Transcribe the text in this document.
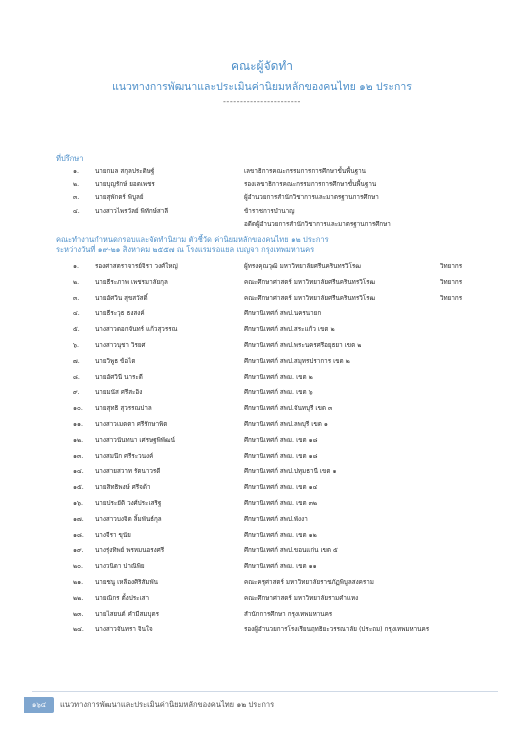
คณะผู้จัดทำ
แนวทางการพัฒนาและประเมินค่านิยมหลักของคนไทย ๑๒ ประการ
-----------------------
ที่ปรึกษา
๑.	นายกมล สกุลประดิษฐ์	เลขาธิการคณะกรรมการการศึกษาขั้นพื้นฐาน
๒.	นายบุญรักษ์ ยอดเพชร	รองเลขาธิการคณะกรรมการการศึกษาขั้นพื้นฐาน
๓.	นายสุพักตร์ พิบูลย์	ผู้อำนวยการสำนักวิชาการและมาตรฐานการศึกษา
๔.	นางสาวไพรวัลย์ พิทักษ์สาลี	ข้าราชการบำนาญ
อดีตผู้อำนวยการสำนักวิชาการและมาตรฐานการศึกษา
คณะทำงานกำหนดกรอบและจัดทำนิยาม ตัวชี้วัด ค่านิยมหลักของคนไทย ๑๒ ประการ
ระหว่างวันที่ ๑๙-๒๑ สิงหาคม ๒๕๕๗ ณ โรงแรมรอแยล เบญจา กรุงเทพมหานคร
๑.	รองศาสตราจารย์จิรา วงศ์ใหญ่	ผู้ทรงคุณวุฒิ มหาวิทยาลัยศรีนครินทรวิโรฒ	วิทยากร
๒.	นายธีระภาพ เพชรมาลัยกุล	คณะศึกษาศาสตร์ มหาวิทยาลัยศรีนครินทรวิโรฒ	วิทยากร
๓.	นายอัศวิน สุขสวัสดิ์	คณะศึกษาศาสตร์ มหาวิทยาลัยศรีนครินทรวิโรฒ	วิทยากร
๔.	นายธีระวุธ ธงสงค์	ศึกษานิเทศก์ สพป.นครนายก
๕.	นางสาวดอกจันทร์ แก้วสุวรรณ	ศึกษานิเทศก์ สพป.สระแก้ว เขต ๒
๖.	นางสาวนุชา วิรยศ	ศึกษานิเทศก์ สพป.พระนครศรีอยุธยา เขต ๒
๗.	นายวิพูธ ข้อไต	ศึกษานิเทศก์ สพป.สมุทรปราการ เขต ๒
๘.	นายอัศวินี นาระดี	ศึกษานิเทศก์ สพม. เขต ๒
๙.	นายมนัส ศรีสะอิง	ศึกษานิเทศก์ สพม. เขต ๖
๑๐.	นายสุทธิ สุวรรณปาล	ศึกษานิเทศก์ สพป.จันทบุรี เขต ๓
๑๑.	นางสาวเมตตา ศรีรักษาพิต	ศึกษานิเทศก์ สพป.ลพบุรี เขต ๑
๑๒.	นางสาวนันทนา เศรษฐพิพัฒน์	ศึกษานิเทศก์ สพม. เขต ๑๘
๑๓.	นางสมนึก ศรีระวนงค์	ศึกษานิเทศก์ สพม. เขต ๑๘
๑๔.	นางสายสวาท รัตนาวรดี	ศึกษานิเทศก์ สพป.ปทุมธานี เขต ๑
๑๕.	นายสิทธิพงษ์ ศรีจด้า	ศึกษานิเทศก์ สพม. เขต ๑๔
๑๖.	นายประยัติ วงศ์ประเสริฐ	ศึกษานิเทศก์ สพม. เขต ๓๒
๑๗.	นางสาวบงจิต ลิ้มพันธ์กุล	ศึกษานิเทศก์ สพป.พังงา
๑๘.	นางจีรา ขุนัย	ศึกษานิเทศก์ สพม. เขต ๑๒
๑๙.	นางรุ่งทิพย์ พรหมนอรงศรี	ศึกษานิเทศก์ สพป.ขอนแก่น เขต ๕
๒๐.	นางวนิดา ปาณิพิย	ศึกษานิเทศก์ สพม. เขต ๑๑
๒๑.	นายชนู เหลืองศิริสัมพัน	คณะครุศาสตร์ มหาวิทยาลัยราชภัฏพิบูลสงคราม
๒๒.	นายณิกร ตั้งประเสา	คณะศึกษาศาสตร์ มหาวิทยาลัยรามคำแหง
๒๓.	นายไสยนต์ คำมีสมบุตร	สำนักการศึกษา กรุงเทพมหานคร
๒๔.	นางสาวจันทรา จินใจ	รองผู้อำนวยการโรงเรียนฤทธิยะวรรณาลัย (ประถม) กรุงเทพมหานคร
๑๖๔	แนวทางการพัฒนาและประเมินค่านิยมหลักของคนไทย ๑๒ ประการ
